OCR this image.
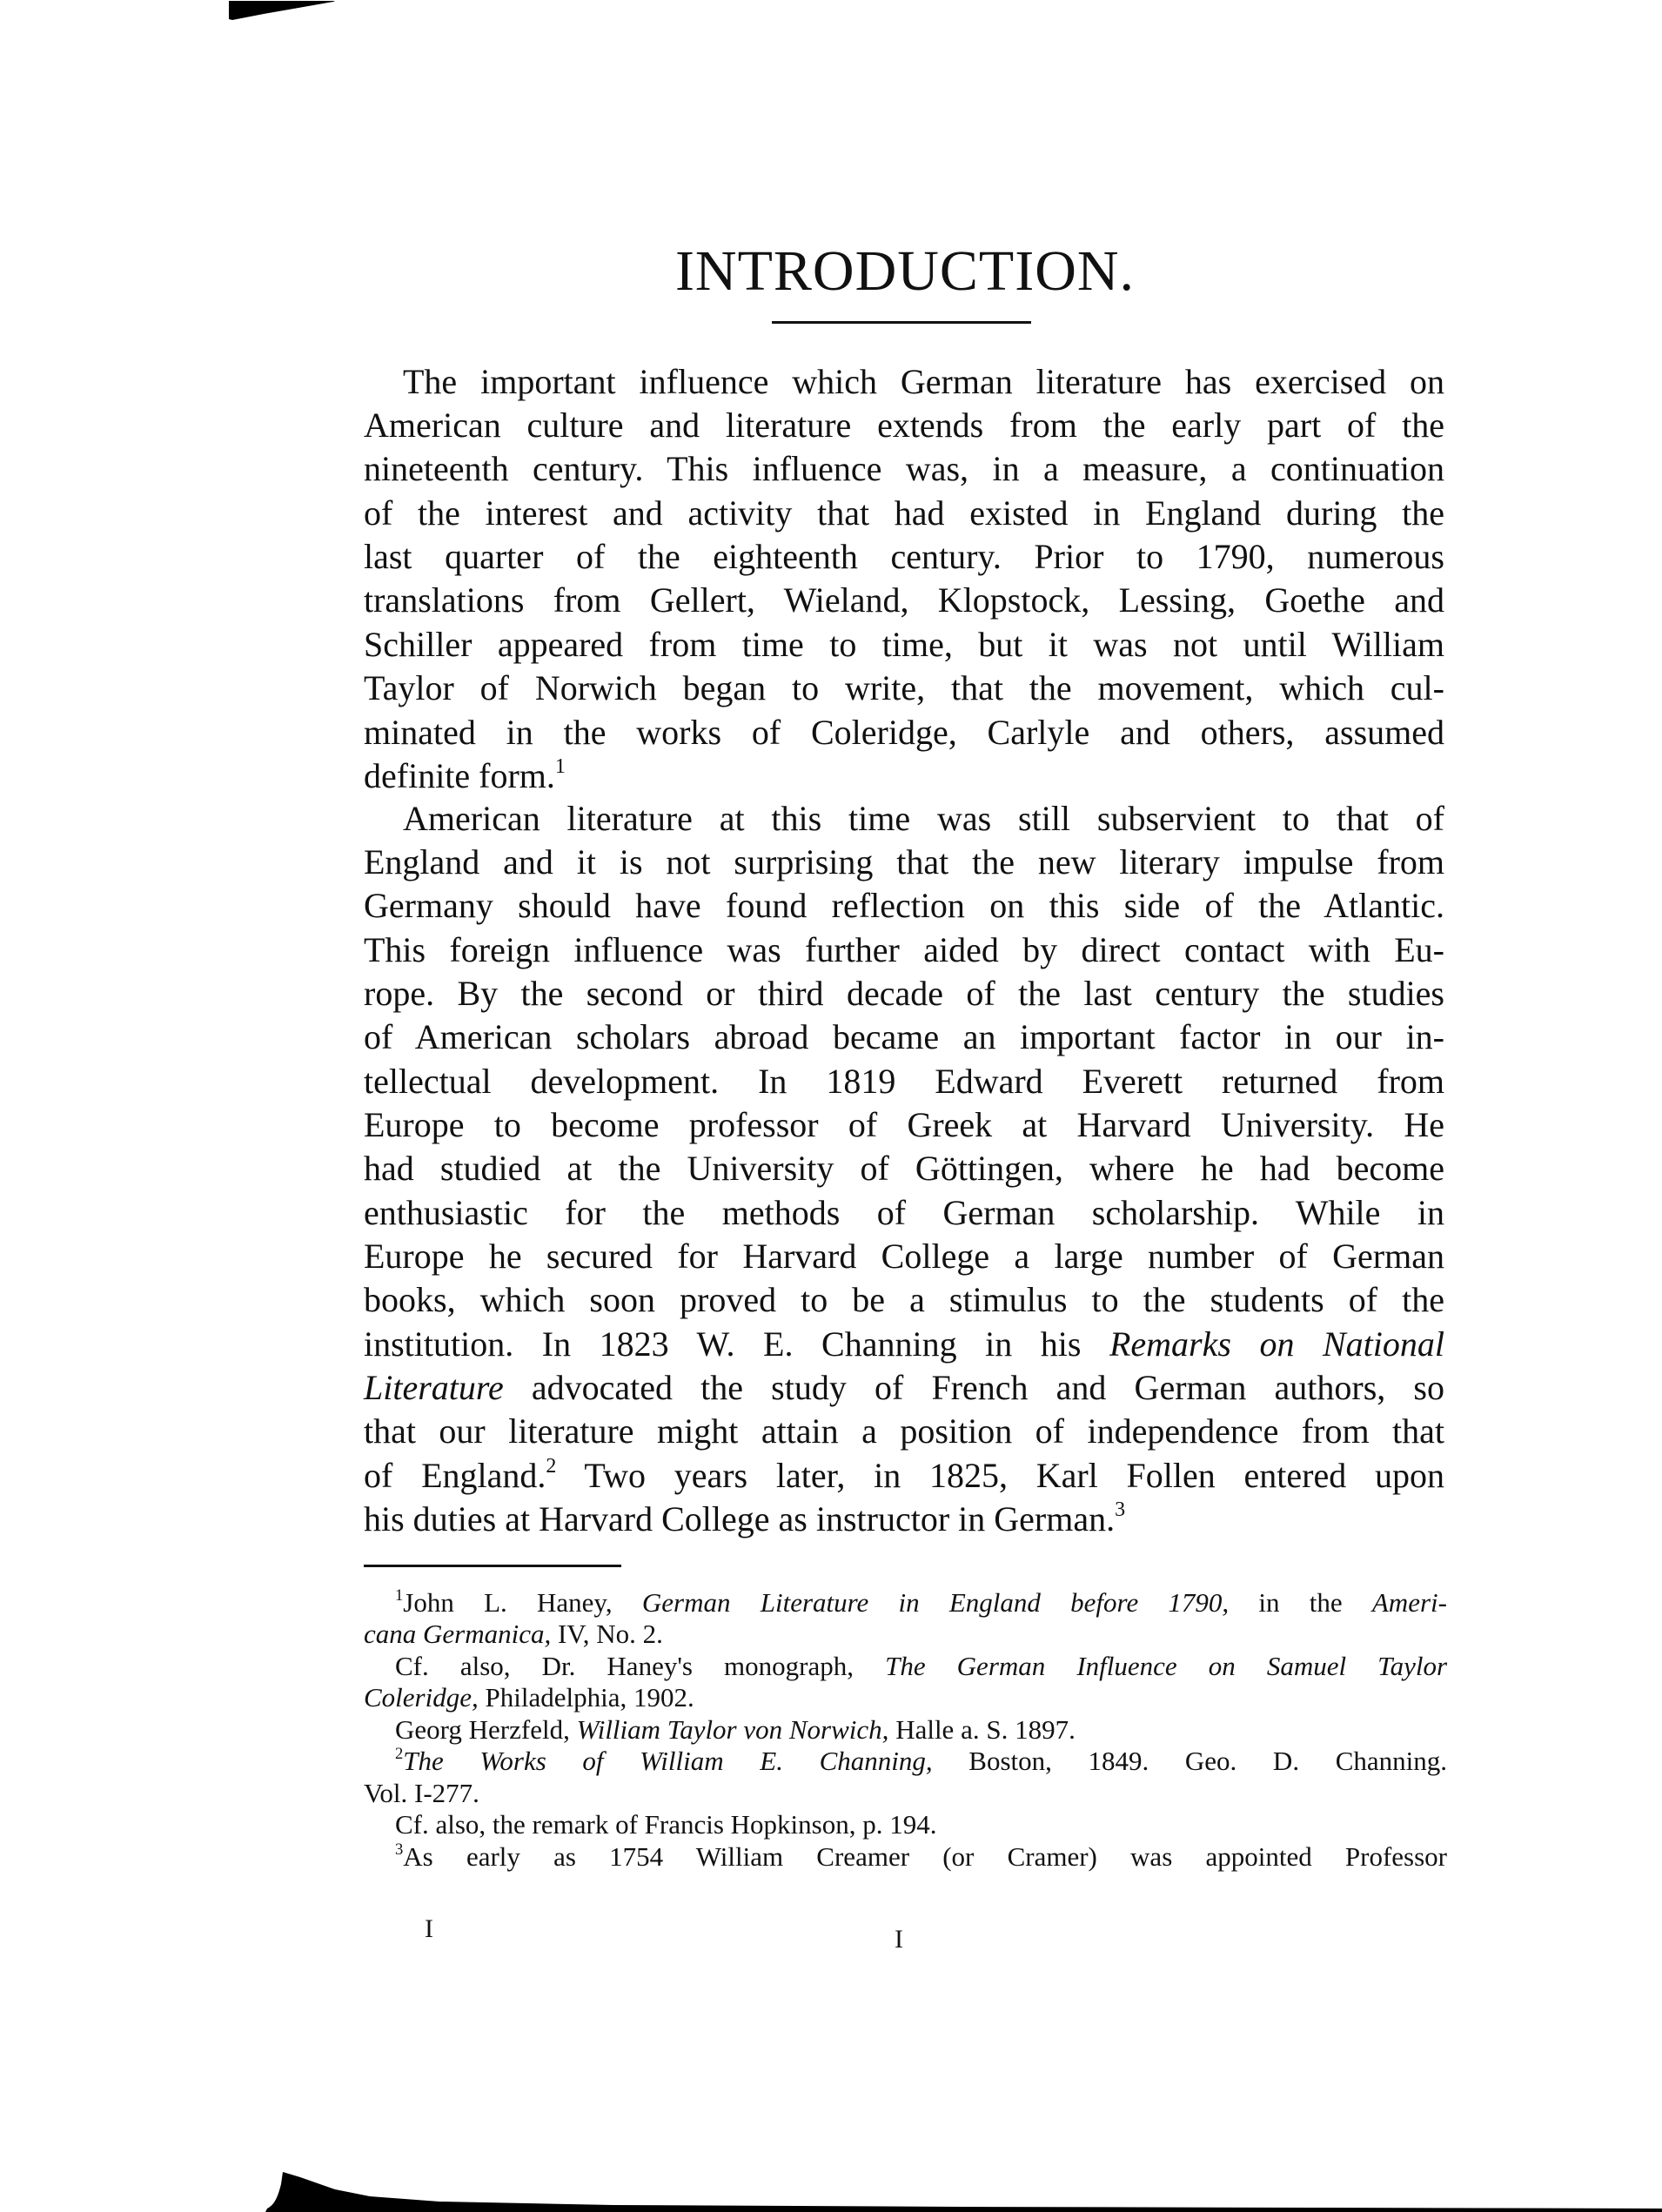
INTRODUCTION.
The important influence which German literature has exercised on
American culture and literature extends from the early part of the
nineteenth century. This influence was, in a measure, a continuation
of the interest and activity that had existed in England during the
last quarter of the eighteenth century. Prior to 1790, numerous
translations from Gellert, Wieland, Klopstock, Lessing, Goethe and
Schiller appeared from time to time, but it was not until William
Taylor of Norwich began to write, that the movement, which cul-
minated in the works of Coleridge, Carlyle and others, assumed
definite form.$^1$
American literature at this time was still subservient to that of
England and it is not surprising that the new literary impulse from
Germany should have found reflection on this side of the Atlantic.
This foreign influence was further aided by direct contact with Eu-
rope. By the second or third decade of the last century the studies
of American scholars abroad became an important factor in our in-
tellectual development. In 1819 Edward Everett returned from
Europe to become professor of Greek at Harvard University. He
had studied at the University of Göttingen, where he had become
enthusiastic for the methods of German scholarship. While in
Europe he secured for Harvard College a large number of German
books, which soon proved to be a stimulus to the students of the
institution. In 1823 W. E. Channing in his Remarks on National
Literature advocated the study of French and German authors, so
that our literature might attain a position of independence from that
of England.$^2$ Two years later, in 1825, Karl Follen entered upon
his duties at Harvard College as instructor in German.$^3$
$^1$John L. Haney, German Literature in England before 1790, in the Ameri-
cana Germanica, IV, No. 2.
Cf. also, Dr. Haney's monograph, The German Influence on Samuel Taylor
Coleridge, Philadelphia, 1902.
Georg Herzfeld, William Taylor von Norwich, Halle a. S. 1897.
$^2$The Works of William E. Channing, Boston, 1849. Geo. D. Channing.
Vol. I-277.
Cf. also, the remark of Francis Hopkinson, p. 194.
$^3$As early as 1754 William Creamer (or Cramer) was appointed Professor
I	I
